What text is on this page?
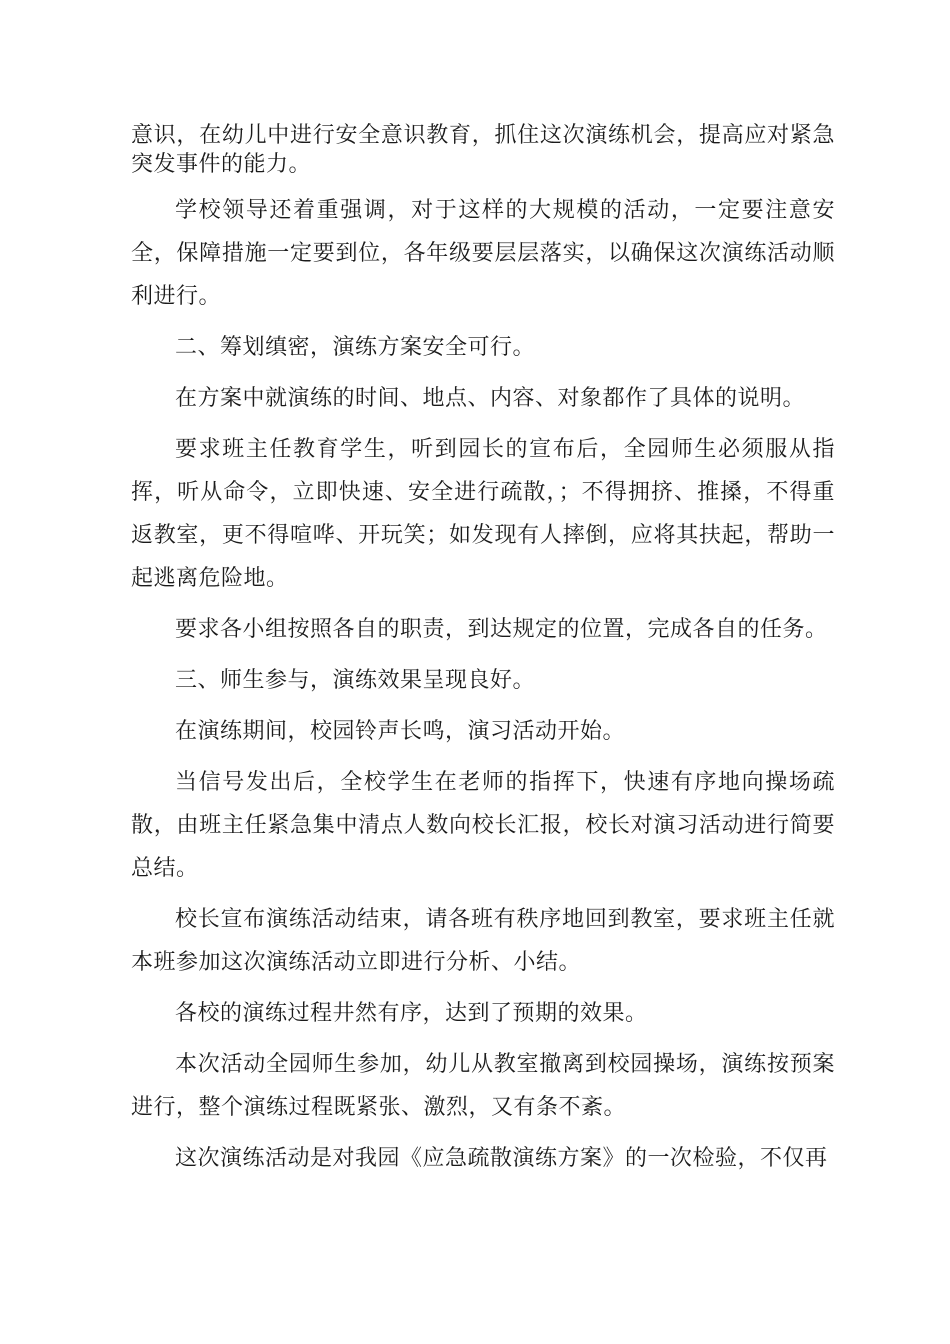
意识，在幼儿中进行安全意识教育，抓住这次演练机会，提高应对紧急突发事件的能力。

学校领导还着重强调，对于这样的大规模的活动，一定要注意安全，保障措施一定要到位，各年级要层层落实，以确保这次演练活动顺利进行。

二、筹划缜密，演练方案安全可行。

在方案中就演练的时间、地点、内容、对象都作了具体的说明。

要求班主任教育学生，听到园长的宣布后，全园师生必须服从指挥，听从命令，立即快速、安全进行疏散，；不得拥挤、推搡，不得重返教室，更不得喧哗、开玩笑；如发现有人摔倒，应将其扶起，帮助一起逃离危险地。

要求各小组按照各自的职责，到达规定的位置，完成各自的任务。

三、师生参与，演练效果呈现良好。

在演练期间，校园铃声长鸣，演习活动开始。

当信号发出后，全校学生在老师的指挥下，快速有序地向操场疏散，由班主任紧急集中清点人数向校长汇报，校长对演习活动进行简要总结。

校长宣布演练活动结束，请各班有秩序地回到教室，要求班主任就本班参加这次演练活动立即进行分析、小结。

各校的演练过程井然有序，达到了预期的效果。

本次活动全园师生参加，幼儿从教室撤离到校园操场，演练按预案进行，整个演练过程既紧张、激烈，又有条不紊。

这次演练活动是对我园《应急疏散演练方案》的一次检验，不仅再
